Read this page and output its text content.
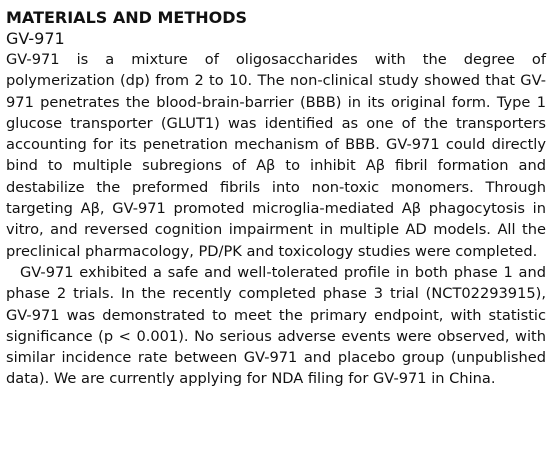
MATERIALS AND METHODS
GV-971

GV-971 is a mixture of oligosaccharides with the degree of polymerization (dp) from 2 to 10. The non-clinical study showed that GV-971 penetrates the blood-brain-barrier (BBB) in its original form. Type 1 glucose transporter (GLUT1) was identified as one of the transporters accounting for its penetration mechanism of BBB. GV-971 could directly bind to multiple subregions of Aβ to inhibit Aβ fibril formation and destabilize the preformed fibrils into non-toxic monomers. Through targeting Aβ, GV-971 promoted microglia-mediated Aβ phagocytosis in vitro, and reversed cognition impairment in multiple AD models. All the preclinical pharmacology, PD/PK and toxicology studies were completed.

GV-971 exhibited a safe and well-tolerated profile in both phase 1 and phase 2 trials. In the recently completed phase 3 trial (NCT02293915), GV-971 was demonstrated to meet the primary endpoint, with statistic significance (p < 0.001). No serious adverse events were observed, with similar incidence rate between GV-971 and placebo group (unpublished data). We are currently applying for NDA filing for GV-971 in China.
